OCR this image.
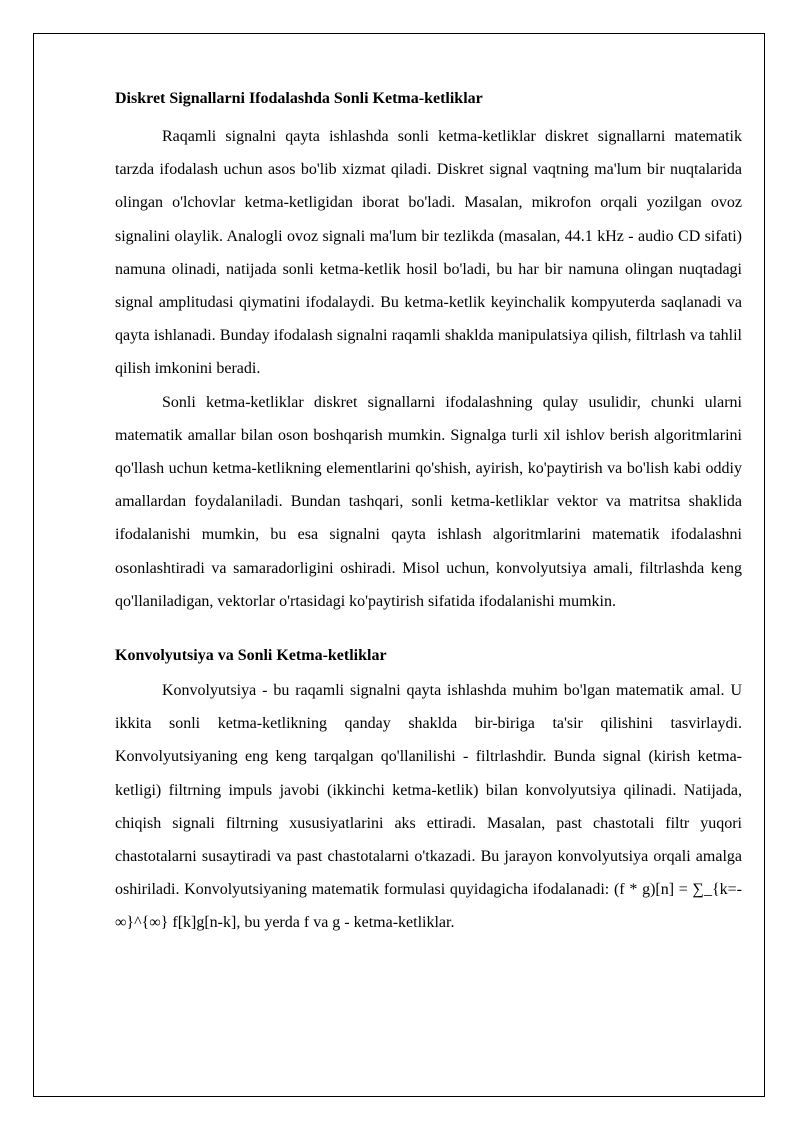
Diskret Signallarni Ifodalashda Sonli Ketma-ketliklar

Raqamli signalni qayta ishlashda sonli ketma-ketliklar diskret signallarni matematik tarzda ifodalash uchun asos bo'lib xizmat qiladi. Diskret signal vaqtning ma'lum bir nuqtalarida olingan o'lchovlar ketma-ketligidan iborat bo'ladi. Masalan, mikrofon orqali yozilgan ovoz signalini olaylik. Analogli ovoz signali ma'lum bir tezlikda (masalan, 44.1 kHz - audio CD sifati) namuna olinadi, natijada sonli ketma-ketlik hosil bo'ladi, bu har bir namuna olingan nuqtadagi signal amplitudasi qiymatini ifodalaydi. Bu ketma-ketlik keyinchalik kompyuterda saqlanadi va qayta ishlanadi. Bunday ifodalash signalni raqamli shaklda manipulatsiya qilish, filtrlash va tahlil qilish imkonini beradi.

Sonli ketma-ketliklar diskret signallarni ifodalashning qulay usulidir, chunki ularni matematik amallar bilan oson boshqarish mumkin. Signalga turli xil ishlov berish algoritmlarini qo'llash uchun ketma-ketlikning elementlarini qo'shish, ayirish, ko'paytirish va bo'lish kabi oddiy amallardan foydalaniladi. Bundan tashqari, sonli ketma-ketliklar vektor va matritsa shaklida ifodalanishi mumkin, bu esa signalni qayta ishlash algoritmlarini matematik ifodalashni osonlashtiradi va samaradorligini oshiradi. Misol uchun, konvolyutsiya amali, filtrlashda keng qo'llaniladigan, vektorlar o'rtasidagi ko'paytirish sifatida ifodalanishi mumkin.

Konvolyutsiya va Sonli Ketma-ketliklar

Konvolyutsiya - bu raqamli signalni qayta ishlashda muhim bo'lgan matematik amal. U ikkita sonli ketma-ketlikning qanday shaklda bir-biriga ta'sir qilishini tasvirlaydi. Konvolyutsiyaning eng keng tarqalgan qo'llanilishi - filtrlashdir. Bunda signal (kirish ketma-ketligi) filtrning impuls javobi (ikkinchi ketma-ketlik) bilan konvolyutsiya qilinadi. Natijada, chiqish signali filtrning xususiyatlarini aks ettiradi. Masalan, past chastotali filtr yuqori chastotalarni susaytiradi va past chastotalarni o'tkazadi. Bu jarayon konvolyutsiya orqali amalga oshiriladi. Konvolyutsiyaning matematik formulasi quyidagicha ifodalanadi: (f * g)[n] = ∑_{k=-∞}^{∞} f[k]g[n-k], bu yerda f va g - ketma-ketliklar.
